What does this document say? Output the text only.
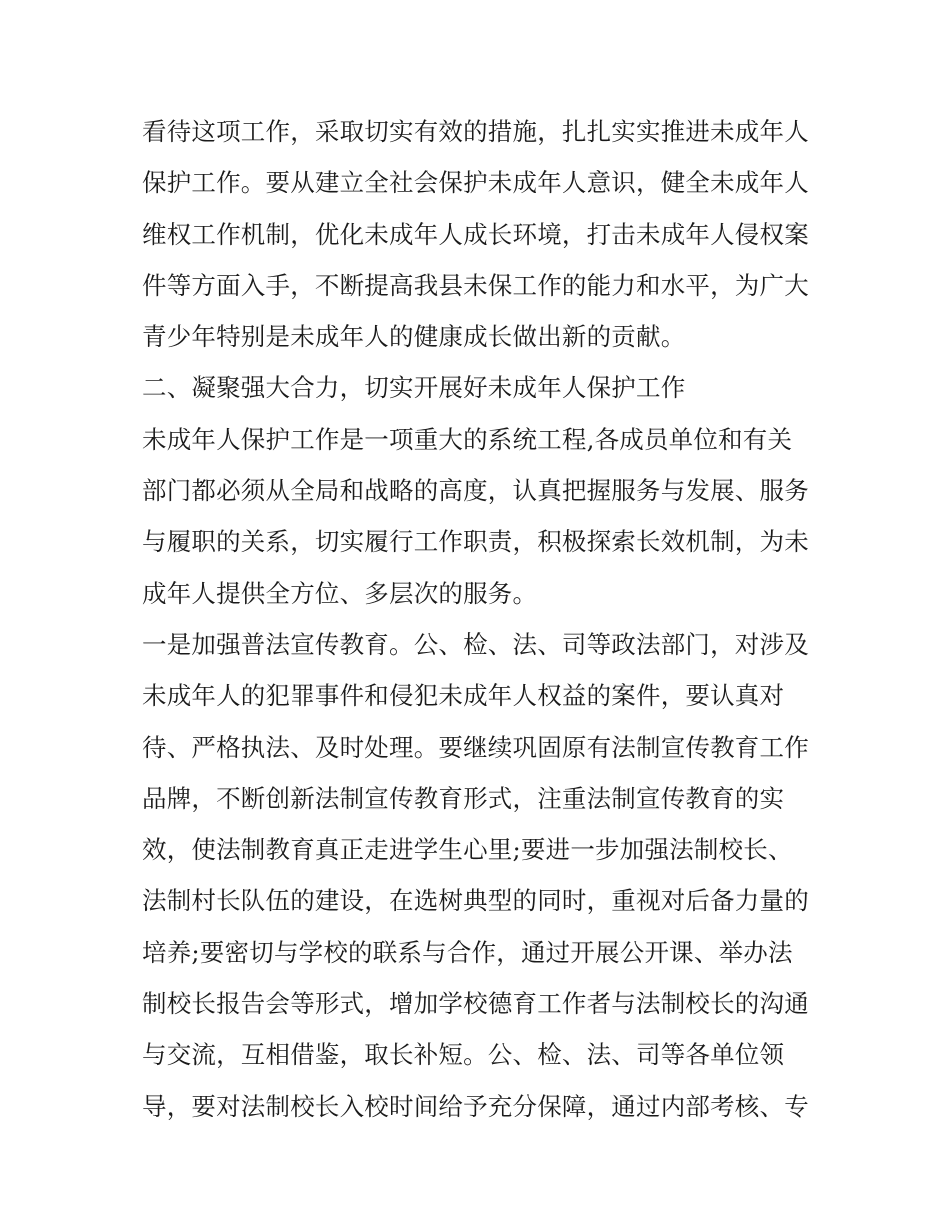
看待这项工作，采取切实有效的措施，扎扎实实推进未成年人
保护工作。要从建立全社会保护未成年人意识，健全未成年人
维权工作机制，优化未成年人成长环境，打击未成年人侵权案
件等方面入手，不断提高我县未保工作的能力和水平，为广大
青少年特别是未成年人的健康成长做出新的贡献。
二、凝聚强大合力，切实开展好未成年人保护工作
未成年人保护工作是一项重大的系统工程,各成员单位和有关
部门都必须从全局和战略的高度，认真把握服务与发展、服务
与履职的关系，切实履行工作职责，积极探索长效机制，为未
成年人提供全方位、多层次的服务。
一是加强普法宣传教育。公、检、法、司等政法部门，对涉及
未成年人的犯罪事件和侵犯未成年人权益的案件，要认真对
待、严格执法、及时处理。要继续巩固原有法制宣传教育工作
品牌，不断创新法制宣传教育形式，注重法制宣传教育的实
效，使法制教育真正走进学生心里;要进一步加强法制校长、
法制村长队伍的建设，在选树典型的同时，重视对后备力量的
培养;要密切与学校的联系与合作，通过开展公开课、举办法
制校长报告会等形式，增加学校德育工作者与法制校长的沟通
与交流，互相借鉴，取长补短。公、检、法、司等各单位领
导，要对法制校长入校时间给予充分保障，通过内部考核、专
